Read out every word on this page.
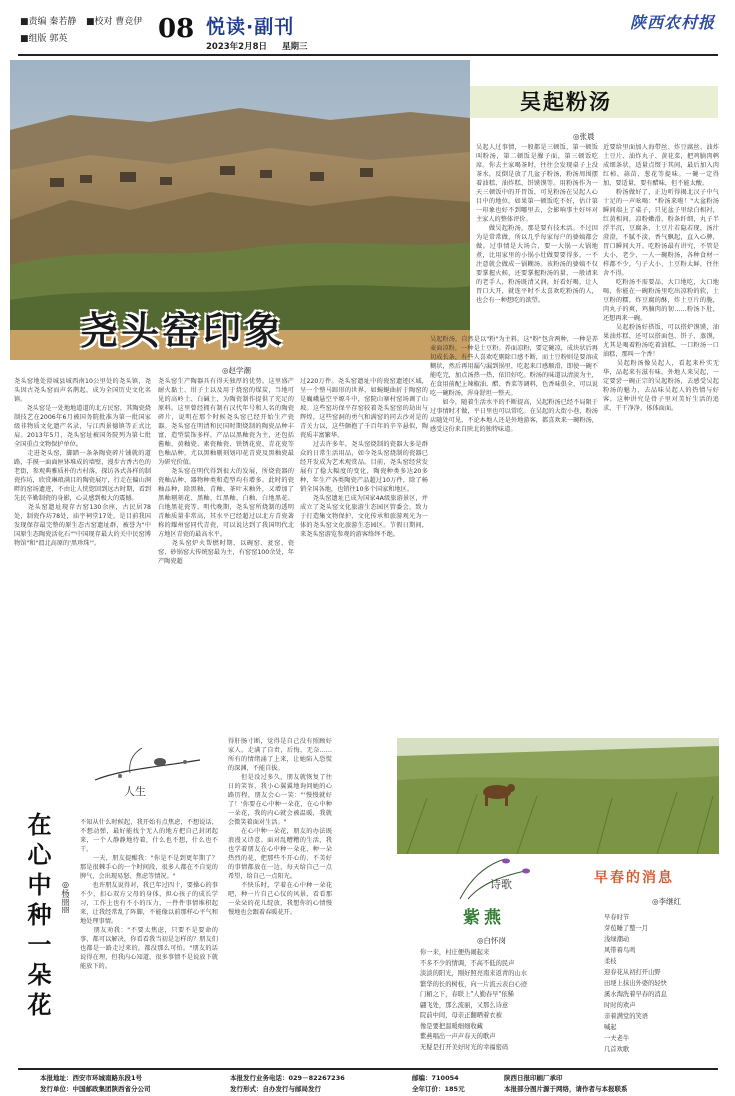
■责编 秦若静 ■校对 曹竞伊
■组版 郭英	08 悦读·副刊
2023年2月8日 星期三
陕西农村报
尧头窑印象
◎赵学潮
尧头窑地处澄城县城西南10公里处的尧头镇，尧头因古尧头窑而声名鹊起，成为全国历史文化名镇。
　　尧头窑是一处地地道道的北方民窑，其陶瓷烧制技艺在2006年6月被国务院批准为第一批国家级非物质文化遗产名录，与江西景德镇等正式比肩。2013年5月，尧头窑址被国务院列为第七批全国重点文物保护单位。
　　走进尧头窑，脚踏一条条陶瓷碎片铺就的道路，手摸一面面匣钵堆成的墙壁，漫步古香古色的老街，参观典雅质朴的古村落，探访各式各样的制瓷作坊，欣赏琳琅满目的陶瓷展厅，行走在偏山涧畔的窑场遗迹，不由让人恍惚回到远古时期，看到先民辛勤制瓷的身影，心灵感到极大的震撼。
　　尧头窑遗址现存古窑130余座，古民居78处，制瓷作坊78处，庙宇祠堂17处，是目前我国发现保存最完整的原生态古窑遗址群，被誉为"中国原生态陶瓷活化石""中国现存最大的关中民窑博物馆"和"渭北高原的'黑珍珠'"。
尧头窑生产陶器具有得天独厚的优势。这里盛产耐火黏土、坩子土以及用于烧窑的煤炭，当地可见的高岭土、白碱土，为陶瓷制作提供了充足的原料。这里曾经拥有制有汉代年号和人名的陶瓷碎片，说明在那个时候尧头窑已经开始生产瓷器。尧头窑在明清和民国时期烧制的陶瓷品种丰富，造型装饰多样，产品以黑釉瓷为主，还包括酱釉、黄釉瓷、素瓷釉瓷、铁锈花瓷、青花瓷等色釉品种，尤以黑釉剔刻划印花青瓷及黑釉瓷最为研究价值。
　　尧头窑在明代得到很大的发展，所烧瓷器的瓷釉品种、器物种类和造型均有增多。此时的瓷釉品种，除黑釉、青釉、茶叶末釉外，又增加了黑釉剔刻花、黑釉、红黑釉、白釉、白地黑花、白地黑花瓷等。明代晚期，尧头窑所烧制的透明青釉质量非常高，其水平已经超过以北方青瓷著称的耀州窑同代青瓷，可以说达到了我国明代北方地区青瓷的最高水平。
　　尧头窑炉火帮燃时期，以碗窑、瓮窑、瓷窑、砂锅窑大传统窑最为主，有窑窑100余处，年产陶瓷超
过220万件。尧头窑遗址中的瓷窑遗迹区域，呈一个整马蹄形的世界，如蜿蜒曲折于陶窑的是巍峨悬空平塬斗中，窑院山寨村窑场调了山坡。这些窑坊保平存窑较着尧头窑窑的劫出与辉煌，这些窑洞的勇气和满窑的同去沙对是的青关力以，这些颇抱了千百年的辛辛悬似，陶瓷质丰富繁华。
　　过去许多年，尧头窑烧制的瓷器大多是群众的日常生活用品，如今尧头窑烧制的瓷器已经开发成为艺术观赏品。目前，尧头窑经营发展有了稳大幅度的变化，陶瓷种类多达20多种，年生产各类陶瓷产品超过10万件，除了畅销全国各地，也销往10多个国家和地区。
　　尧头窑遗址已成为国家4A级旅游景区，并成立了尧头窑文化旅游生态园区管委会，致力于打造集文物保护、文化传承和旅游观光为一体的尧头窑文化旅游生态园区。节假日期间，来尧头窑游览参观的游客络绎不绝。
吴起粉汤
◎张晨
吴起人过事情，一般都是三顿饭，第一顿饭叫粉汤，第二顿饭是臊子面，第三顿饭吃席。你去主家喝茶时，往往会发现桌子上没茶水，反倒是放了几盆子粉汤，粉汤周围摆着油糕、油炸糕、饼馍馍等。用粉汤作为一天三顿饭中的开胃饭，可见粉汤在吴起人心目中的地位。如果第一顿饭吃不好，估计第一印象也好不到哪里去，会影响事主好坏对主家人的整体评价。
　　做吴起粉汤，那是要有技术活。不过因为是常常做，所以几乎每家每户的婆姨都会做。过事情是大场合，要一大锅一大锅地煮，比用家里的小锅小灶做要要得多，一不注意就会做成一锅糊汤。该粉汤的婆姨不仅要掌握火候，还要掌握粉汤的量，一般请来的老手人，粉汤既清又润，好看好喝，让人胃口大开，就连平时不太喜欢吃粉汤的人，也会有一种想吃的欲望。
吴起粉汤，自然是以"粉"为主料。这"粉"包含两种，一种是养麦面凉粉，一种是土豆粉。养面凉粉，要定碗凉，成块状后再切成长条，有些人喜欢吃剔除口感不断，而土豆粉则是要溶成糊状，然后再用漏勺漏到锅里，吃起来口感顺滑，即使一碗不能吃完，加点汤热一热，依旧好吃。粉汤的味道以清淡为主，在食用前配上辣椒油、醋、香菜等调料，色香味俱全，可以说吃一碗粉汤，浑身舒坦一整天。
　　如今，随着生活水平的不断提高，吴起粉汤已经不局限于过事情时才做，平日里也可以常吃。在吴起的大街小巷，粉汤店随处可见，不论本地人还是外地游客，都喜欢来一碗粉汤，感受这份来自陕北的独特味道。
近要给里面加人海带丝、炸豆腐丝、油炸土豆片、油炸丸子、黄花菜，把鸡腩肉鹌成细条状，适量点缀于其间，最后加入肉红柿、蒜苗、葱花等提味。一碗一定得加，要适量，要有醋味，但不能太酸。
　　粉汤做好了，正边听得揭北汉子中气十足的一声吆喝："粉汤来啦！"大盆粉汤瞬间端上了桌子，只见盆子里绿白相衬，红黄相间，凉粉嫩滑，粉条纤细，丸子半浮半沉，豆腐条、土豆片若隐若现，汤汁澄澄，不腻不淡，香气飘起，直入心脾，胃口瞬间大开。吃粉汤最有讲究，不管是大小，老少，一人一碗粉汤，各种食材一样都不少，勺子大小，土豆粉太鲜，往往舍不得。
　　吃粉汤不需要品，大口地吃，大口地喝，你能在一碗粉汤里吃出凉粉的软，土豆粉的糯，炸豆腐的酥，炸土豆片的脆，肉丸子的爽，鸡腩肉的韧……粉汤下肚，还想再来一碗。
　　吴起粉汤好搭饭，可以搭炉馍馍，油果油炸糕，还可以搭面包、饼子、蒸馍，尤其是喝着粉汤吃着油糕，一口粉汤一口油糕，那叫一个香！
　　吴起粉汤像吴起人，看起来朴实无华，品起来有滋有味。外地人来吴起，一定要尝一碗正宗的吴起粉汤，去感受吴起粉汤的魅力，去品味吴起人的热情与好客，这种讲究是骨子里对美好生活的追求，干干净净，体体面面。
人生
在心中种一朵花	◎杨丽丽
不知从什么时候起，我开始有点焦虑，不想说话，不想动弹，最好能找个无人的地方把自己封闭起来，一个人静静地待着，什么也不想，什么也不干。
　　一天，朋友提醒我："你是不是到更年期了？那是很棘手心的一个时间段，很多人都在不自觉的脾气，会出现易怒、焦虑等情况。"
　　也许朋友说得对，我已年过四十，要操心的事不少，扣心双方父母的身体，担心孩子的成长学习，工作上也有不小的压力，一件件事情堆积起来，让我经常乱了阵脚，不能像以前那样心平气和地处理事情。
　　朋友劝我："不要太焦虑，只要不是要命的事，都可以解决，你看看我当初是怎样的？朋友们也都是一路走过来的，都没那么可怕。"朋友的话说得在理，但我内心知道，很多事情不是说放下就能放下的。
得肝肠寸断，觉得是自己没有照顾好家人。走满了自责，后悔，无奈……所有的情绪涌了上来，让她陷入恐慌的深渊，不能自拔。
　　但是没过多久，朋友就恢复了往日的笑容，我小心翼翼地询问她的心路历程，朋友会心一笑："'慢慢就好了！'你要在心中种一朵花，在心中种一朵花，我的内心就会被温暖，我就会微笑着面对生活。"
　　在心中种一朵花，朋友的办法既浪漫又诗意。面对乱糟糟的生活，我也学着朋友在心中种一朵花，种一朵热烈的花，把那些不开心的、不美好的事情都放在一边，每天给自己一点希望，给自己一点阳光。
　　不快乐时，学着在心中种一朵花吧，种一片自己心仪的风景，看看那一朵朵的花儿绽放，我想你的心情慢慢地也会跟着春暖花开。
诗歌
紫燕
◎白怀岗
你一来，村庄便热闹起来
不多不少的情调，不高不低的民声
淡淡的阳光，刚好照亮南来返青的山水
繁华的长的树枝，向一片流云表白心迹
门楣之下，春联上"人勤春早"依稀
翩飞处，那么流丽，又那么诗意
院前中间，母亲正翻晒着衣被
像是要把温暖细细收藏
紫燕唱出一声声春天的歌声
无疑是打开美好时光的幸福密码
早春的消息
◎李继红
早春时节
芽苞睡了整一月
浅绿潮动
风带着鸟鸣
柔枝
迎春花从初打开山野
田埂上抹出外婆的轻快
溪水淘洗着早春的消息
时时的欢声
亲着满堂的笑语
喊起
一夫老牛
几首欢歌
本报地址：西安市环城南路东段1号	本报发行业务电话：029－82267236	邮编：710054	陕西日报印刷厂承印
发行单位：中国邮政集团陕西省分公司	发行形式：自办发行与邮局发行	全年订价：185元	本报部分图片源于网络，请作者与本报联系
